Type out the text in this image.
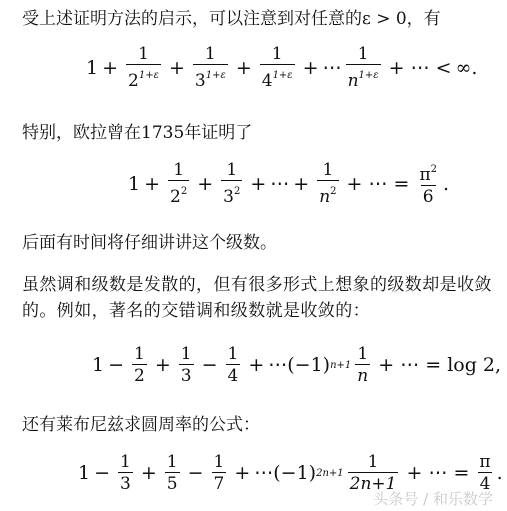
受上述证明方法的启示，可以注意到对任意的ε > 0，有
$1 + \frac{1}{2^{1+\varepsilon}} + \frac{1}{3^{1+\varepsilon}} + \frac{1}{4^{1+\varepsilon}}$ + ⋯ $\frac{1}{n^{1+\varepsilon}}$ + ⋯ < ∞ .
特别，欧拉曾在1735年证明了
$1 + \frac{1}{2^2} + \frac{1}{3^2}$ + ⋯ + $\frac{1}{n^2}$ + ⋯ = $\frac{\pi^2}{6}$ .
后面有时间将仔细讲讲这个级数。
虽然调和级数是发散的，但有很多形式上想象的级数却是收敛的。例如，著名的交错调和级数就是收敛的：
$1 - \frac{1}{2} + \frac{1}{3} - \frac{1}{4}$ + ⋯ (−1) $n+1 \frac{1}{n}$ + ⋯ = log 2,
还有莱布尼兹求圆周率的公式：
$1 - \frac{1}{3} + \frac{1}{5} - \frac{1}{7}$ + ⋯ (−1) $2n+1 \frac{1}{2n+1}$ + ⋯ = $\frac{\pi}{4}$ .
头条号 / 和乐数学
